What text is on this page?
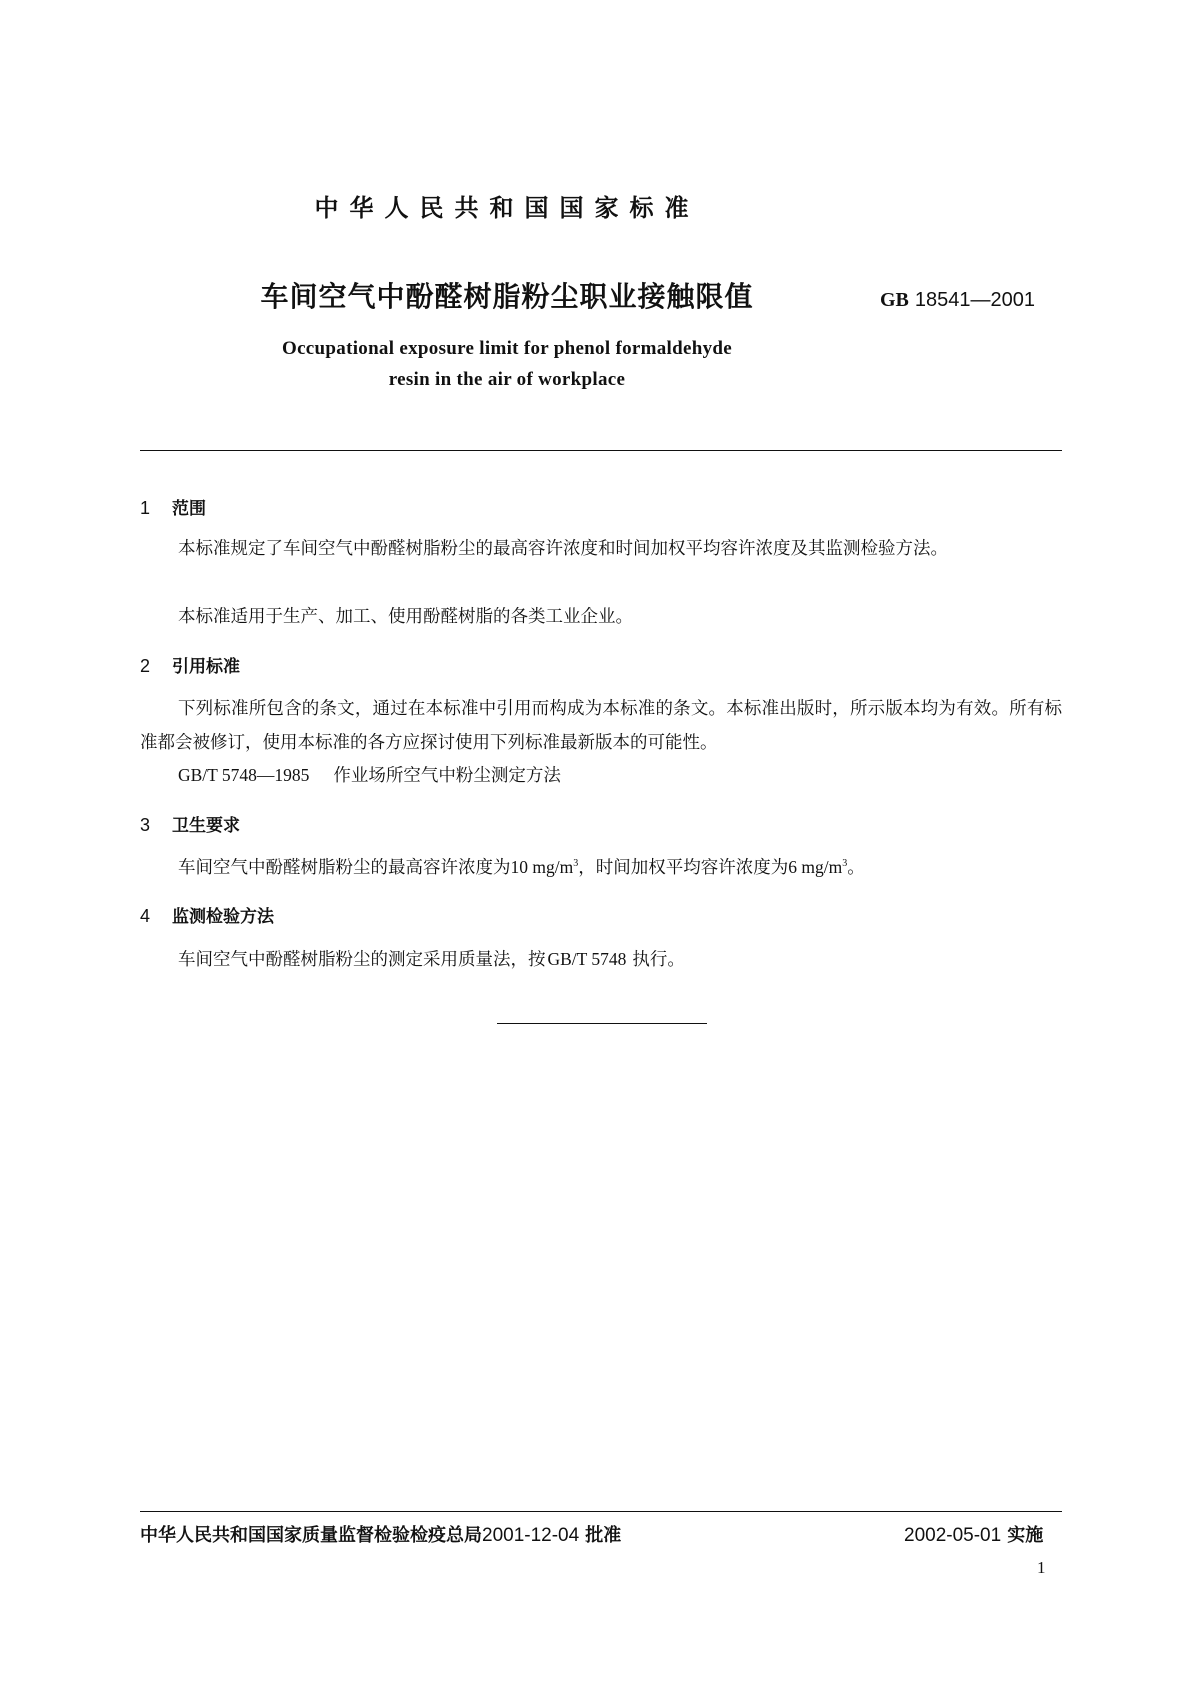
中华人民共和国国家标准
车间空气中酚醛树脂粉尘职业接触限值	GB 18541—2001
Occupational exposure limit for phenol formaldehyde
resin in the air of workplace
1 范围

本标准规定了车间空气中酚醛树脂粉尘的最高容许浓度和时间加权平均容许浓度及其监测检验方法。

本标准适用于生产、加工、使用酚醛树脂的各类工业企业。

2 引用标准

下列标准所包含的条文，通过在本标准中引用而构成为本标准的条文。本标准出版时，所示版本均为有效。所有标准都会被修订，使用本标准的各方应探讨使用下列标准最新版本的可能性。

GB/T 5748—1985 作业场所空气中粉尘测定方法
3 卫生要求
车间空气中酚醛树脂粉尘的最高容许浓度为10 $mg/m^3$，时间加权平均容许浓度为6 $mg/m^3$。
4 监测检验方法
车间空气中酚醛树脂粉尘的测定采用质量法，按 GB/T 5748 执行。
中华人民共和国国家质量监督检验检疫总局2001-12-04 批准	2002-05-01 实施
1
